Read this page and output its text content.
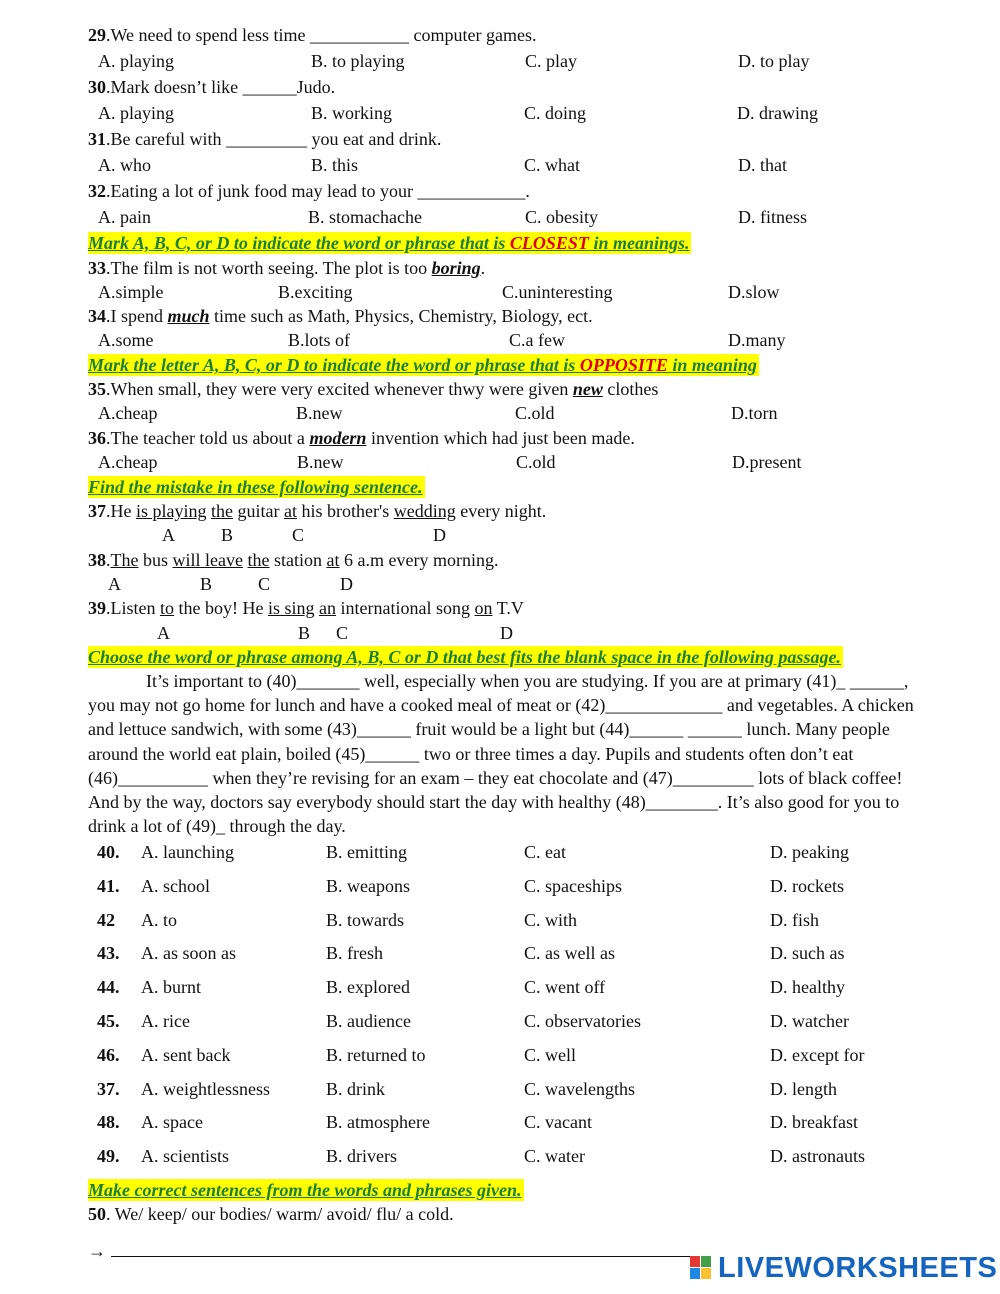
29.We need to spend less time ___________ computer games.
A. playing	B. to playing	C. play	D. to play
30.Mark doesn’t like ______Judo.
A. playing	B. working	C. doing	D. drawing
31.Be careful with _________ you eat and drink.
A. who	B. this	C. what	D. that
32.Eating a lot of junk food may lead to your ____________.
A. pain	B. stomachache	C. obesity	D. fitness
Mark A, B, C, or D to indicate the word or phrase that is CLOSEST in meanings.
33.The film is not worth seeing. The plot is too boring.
A.simple	B.exciting	C.uninteresting	D.slow
34.I spend much time such as Math, Physics, Chemistry, Biology, ect.
A.some	B.lots of	C.a few	D.many
Mark the letter A, B, C, or D to indicate the word or phrase that is OPPOSITE in meaning
35.When small, they were very excited whenever thwy were given new clothes
A.cheap	B.new	C.old	D.torn
36.The teacher told us about a modern invention which had just been made.
A.cheap	B.new	C.old	D.present
Find the mistake in these following sentence.
37.He is playing the guitar at his brother's wedding every night.
A	B	C	D
38.The bus will leave the station at 6 a.m every morning.
A	B	C	D
39.Listen to the boy! He is sing an international song on T.V
A	B C	D
Choose the word or phrase among A, B, C or D that best fits the blank space in the following passage.
It’s important to (40)_______ well, especially when you are studying. If you are at primary (41)_ ______, you may not go home for lunch and have a cooked meal of meat or (42)_____________ and vegetables. A chicken and lettuce sandwich, with some (43)______ fruit would be a light but (44)______ ______ lunch. Many people around the world eat plain, boiled (45)______ two or three times a day. Pupils and students often don’t eat (46)__________ when they’re revising for an exam – they eat chocolate and (47)_________ lots of black coffee! And by the way, doctors say everybody should start the day with healthy (48)________. It’s also good for you to drink a lot of (49)_ through the day.
40. A. launching	B. emitting	C. eat	D. peaking
41. A. school	B. weapons	C. spaceships	D. rockets
42 A. to	B. towards	C. with	D. fish
43. A. as soon as	B. fresh	C. as well as	D. such as
44. A. burnt	B. explored	C. went off	D. healthy
45. A. rice	B. audience	C. observatories	D. watcher
46. A. sent back	B. returned to	C. well	D. except for
37. A. weightlessness	B. drink	C. wavelengths	D. length
48. A. space	B. atmosphere	C. vacant	D. breakfast
49. A. scientists	B. drivers	C. water	D. astronauts
Make correct sentences from the words and phrases given.
50. We/ keep/ our bodies/ warm/ avoid/ flu/ a cold.
→
LIVEWORKSHEETS
